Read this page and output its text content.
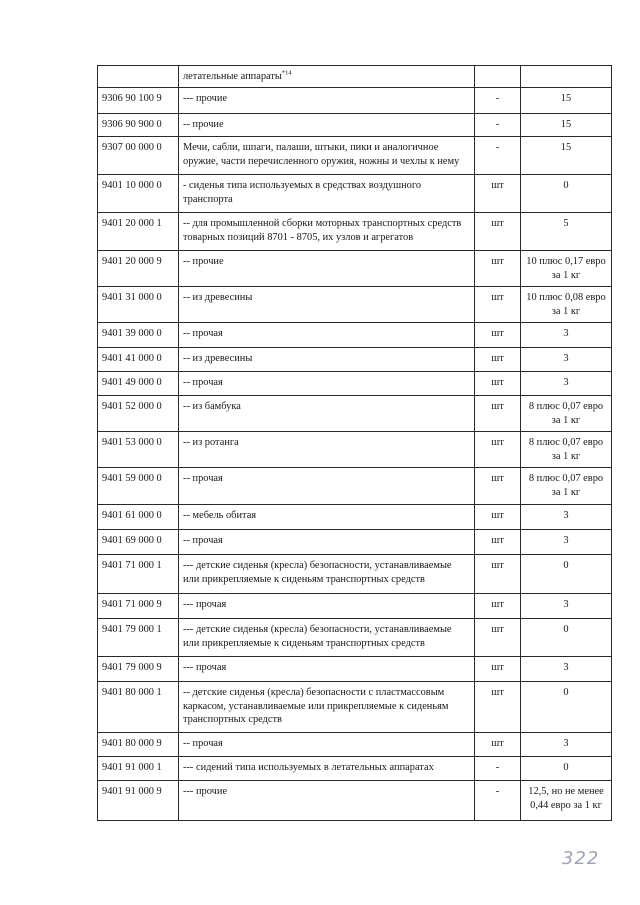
	летательные аппараты$^{*14}$		
9306 90 100 9	--- прочие	-	15
9306 90 900 0	-- прочие	-	15
9307 00 000 0	Мечи, сабли, шпаги, палаши, штыки, пики и аналогичное оружие, части перечисленного оружия, ножны и чехлы к нему	-	15
9401 10 000 0	- сиденья типа используемых в средствах воздушного транспорта	шт	0
9401 20 000 1	-- для промышленной сборки моторных транспортных средств товарных позиций 8701 - 8705, их узлов и агрегатов	шт	5
9401 20 000 9	-- прочие	шт	10 плюс 0,17 евро за 1 кг
9401 31 000 0	-- из древесины	шт	10 плюс 0,08 евро за 1 кг
9401 39 000 0	-- прочая	шт	3
9401 41 000 0	-- из древесины	шт	3
9401 49 000 0	-- прочая	шт	3
9401 52 000 0	-- из бамбука	шт	8 плюс 0,07 евро за 1 кг
9401 53 000 0	-- из ротанга	шт	8 плюс 0,07 евро за 1 кг
9401 59 000 0	-- прочая	шт	8 плюс 0,07 евро за 1 кг
9401 61 000 0	-- мебель обитая	шт	3
9401 69 000 0	-- прочая	шт	3
9401 71 000 1	--- детские сиденья (кресла) безопасности, устанавливаемые или прикрепляемые к сиденьям транспортных средств	шт	0
9401 71 000 9	--- прочая	шт	3
9401 79 000 1	--- детские сиденья (кресла) безопасности, устанавливаемые или прикрепляемые к сиденьям транспортных средств	шт	0
9401 79 000 9	--- прочая	шт	3
9401 80 000 1	-- детские сиденья (кресла) безопасности с пластмассовым каркасом, устанавливаемые или прикрепляемые к сиденьям транспортных средств	шт	0
9401 80 000 9	-- прочая	шт	3
9401 91 000 1	--- сидений типа используемых в летательных аппаратах	-	0
9401 91 000 9	--- прочие	-	12,5, но не менее 0,44 евро за 1 кг
322
